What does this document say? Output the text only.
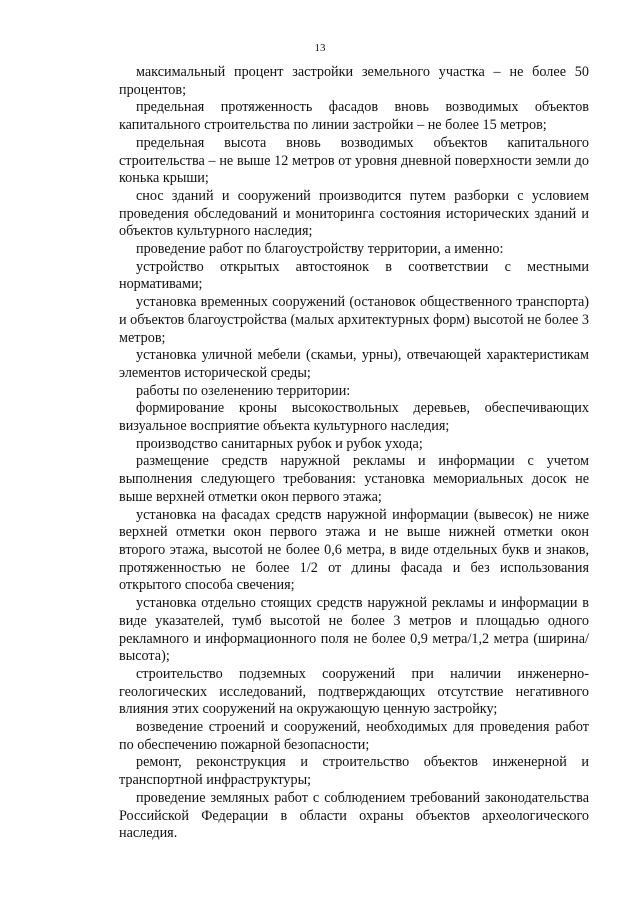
13

максимальный процент застройки земельного участка – не более 50 процентов;

предельная протяженность фасадов вновь возводимых объектов капитального строительства по линии застройки – не более 15 метров;

предельная высота вновь возводимых объектов капитального строительства – не выше 12 метров от уровня дневной поверхности земли до конька крыши;

снос зданий и сооружений производится путем разборки с условием проведения обследований и мониторинга состояния исторических зданий и объектов культурного наследия;

проведение работ по благоустройству территории, а именно:

устройство открытых автостоянок в соответствии с местными нормативами;

установка временных сооружений (остановок общественного транспорта) и объектов благоустройства (малых архитектурных форм) высотой не более 3 метров;

установка уличной мебели (скамьи, урны), отвечающей характеристикам элементов исторической среды;

работы по озеленению территории:

формирование кроны высокоствольных деревьев, обеспечивающих визуальное восприятие объекта культурного наследия;

производство санитарных рубок и рубок ухода;

размещение средств наружной рекламы и информации с учетом выполнения следующего требования: установка мемориальных досок не выше верхней отметки окон первого этажа;

установка на фасадах средств наружной информации (вывесок) не ниже верхней отметки окон первого этажа и не выше нижней отметки окон второго этажа, высотой не более 0,6 метра, в виде отдельных букв и знаков, протяженностью не более 1/2 от длины фасада и без использования открытого способа свечения;

установка отдельно стоящих средств наружной рекламы и информации в виде указателей, тумб высотой не более 3 метров и площадью одного рекламного и информационного поля не более 0,9 метра/1,2 метра (ширина/высота);

строительство подземных сооружений при наличии инженерно-геологических исследований, подтверждающих отсутствие негативного влияния этих сооружений на окружающую ценную застройку;

возведение строений и сооружений, необходимых для проведения работ по обеспечению пожарной безопасности;

ремонт, реконструкция и строительство объектов инженерной и транспортной инфраструктуры;

проведение земляных работ с соблюдением требований законодательства Российской Федерации в области охраны объектов археологического наследия.
